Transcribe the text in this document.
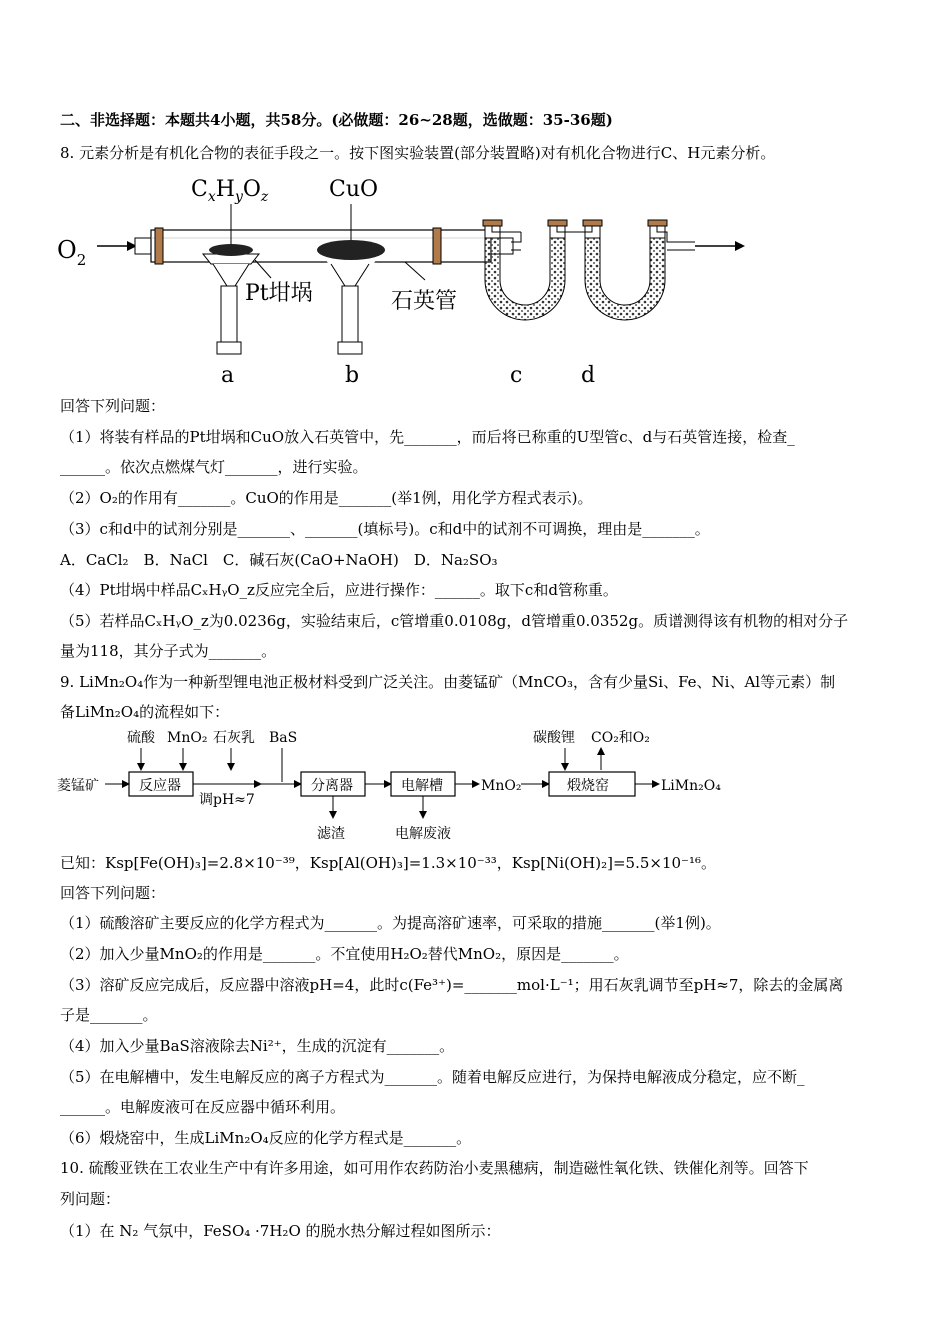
二、非选择题：本题共4小题，共58分。(必做题：26~28题，选做题：35-36题)
8. 元素分析是有机化合物的表征手段之一。按下图实验装置(部分装置略)对有机化合物进行C、H元素分析。
$O_2$
Pt坩埚	石英管
$C_xH_yO_z$	CuO
a	b	c	d
回答下列问题：
（1）将装有样品的Pt坩埚和CuO放入石英管中，先_______，而后将已称重的U型管c、d与石英管连接，检查_
______。依次点燃煤气灯_______，进行实验。
（2）O₂的作用有_______。CuO的作用是_______(举1例，用化学方程式表示)。
（3）c和d中的试剂分别是_______、_______(填标号)。c和d中的试剂不可调换，理由是_______。
A．CaCl₂　B．NaCl　C．碱石灰(CaO+NaOH)　D．Na₂SO₃
（4）Pt坩埚中样品CₓHᵧO_z反应完全后，应进行操作：______。取下c和d管称重。
（5）若样品CₓHᵧO_z为0.0236g，实验结束后，c管增重0.0108g，d管增重0.0352g。质谱测得该有机物的相对分子
量为118，其分子式为_______。
9. LiMn₂O₄作为一种新型锂电池正极材料受到广泛关注。由菱锰矿（MnCO₃，含有少量Si、Fe、Ni、Al等元素）制
备LiMn₂O₄的流程如下：
硫酸 MnO₂ 石灰乳 BaS
菱锰矿	反应器
调pH≈7
分离器
滤渣
电解槽
电解废液
MnO₂
碳酸锂 CO₂和O₂
煅烧窑	LiMn₂O₄
已知：Ksp[Fe(OH)₃]=2.8×10⁻³⁹，Ksp[Al(OH)₃]=1.3×10⁻³³，Ksp[Ni(OH)₂]=5.5×10⁻¹⁶。
回答下列问题：
（1）硫酸溶矿主要反应的化学方程式为_______。为提高溶矿速率，可采取的措施_______(举1例)。
（2）加入少量MnO₂的作用是_______。不宜使用H₂O₂替代MnO₂，原因是_______。
（3）溶矿反应完成后，反应器中溶液pH=4，此时c(Fe³⁺)=_______mol·L⁻¹；用石灰乳调节至pH≈7，除去的金属离
子是_______。
（4）加入少量BaS溶液除去Ni²⁺，生成的沉淀有_______。
（5）在电解槽中，发生电解反应的离子方程式为_______。随着电解反应进行，为保持电解液成分稳定，应不断_
______。电解废液可在反应器中循环利用。
（6）煅烧窑中，生成LiMn₂O₄反应的化学方程式是_______。
10. 硫酸亚铁在工农业生产中有许多用途，如可用作农药防治小麦黑穗病，制造磁性氧化铁、铁催化剂等。回答下
列问题：
（1）在 N₂ 气氛中，FeSO₄ ·7H₂O 的脱水热分解过程如图所示：
